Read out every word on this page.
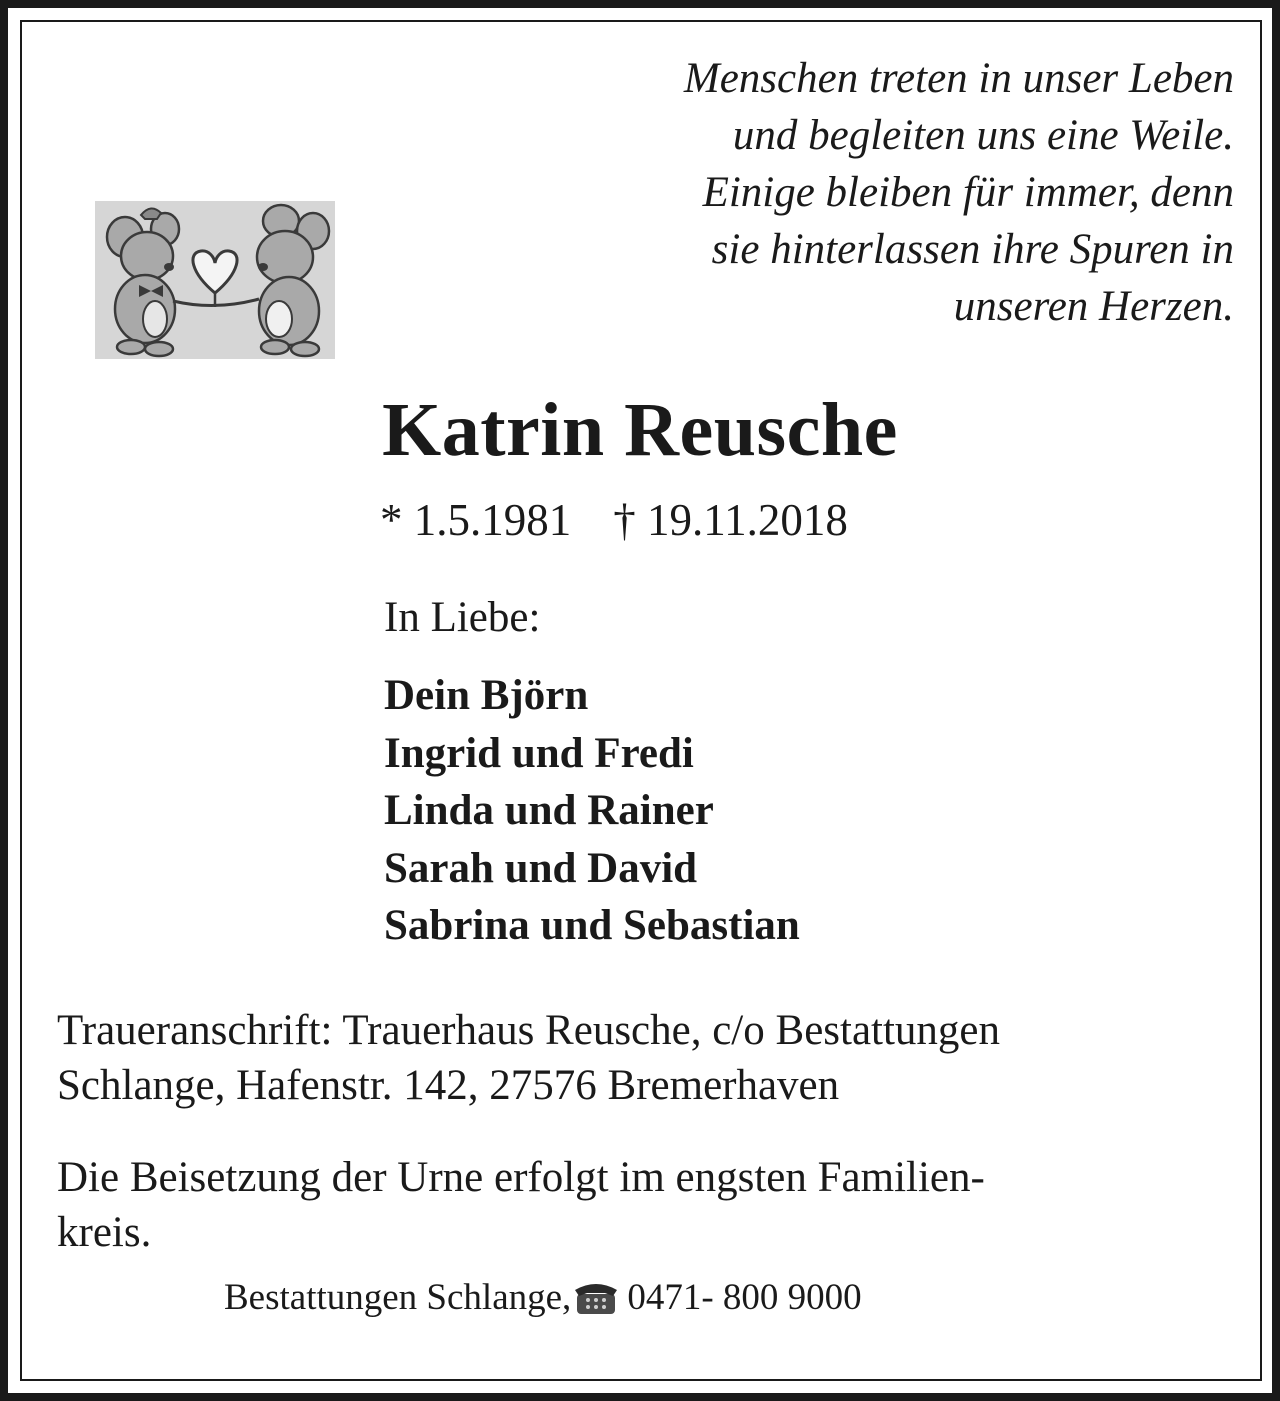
Menschen treten in unser Leben
und begleiten uns eine Weile.
Einige bleiben für immer, denn
sie hinterlassen ihre Spuren in
unseren Herzen.
Katrin Reusche
* 1.5.1981 † 19.11.2018
In Liebe:
Dein Björn
Ingrid und Fredi
Linda und Rainer
Sarah und David
Sabrina und Sebastian
Traueranschrift: Trauerhaus Reusche, c/o Bestattungen
Schlange, Hafenstr. 142, 27576 Bremerhaven
Die Beisetzung der Urne erfolgt im engsten Familien-
kreis.
Bestattungen Schlange, 0471- 800 9000
